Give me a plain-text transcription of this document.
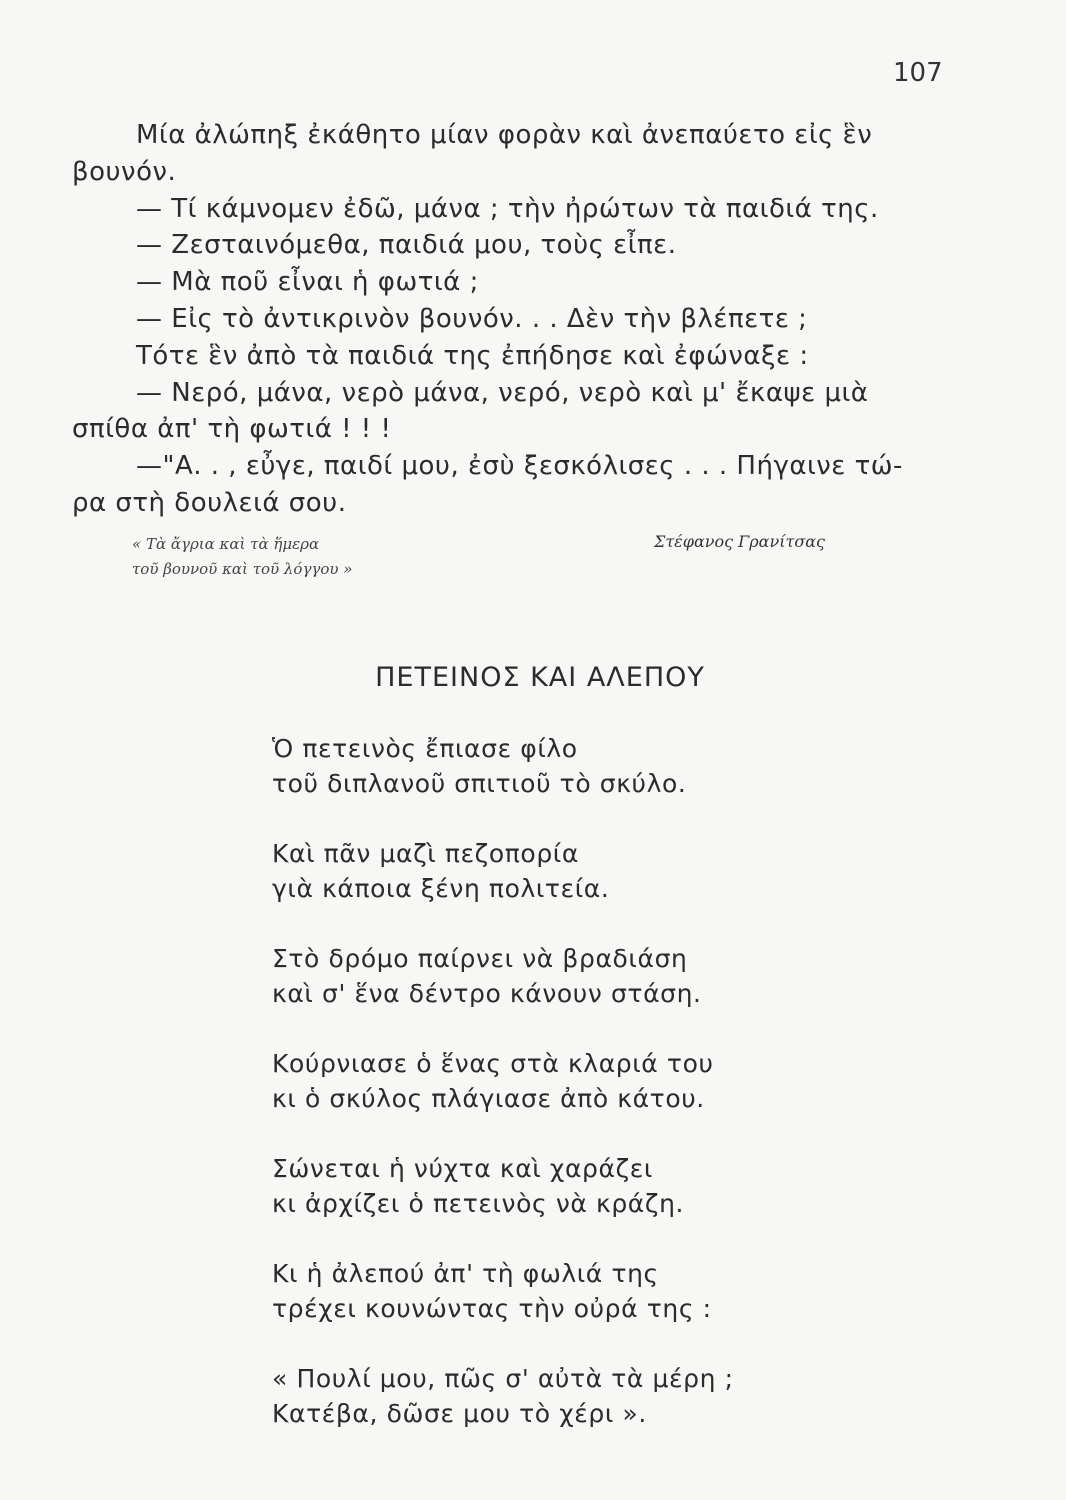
107

Μία ἀλώπηξ ἐκάθητο μίαν φορὰν καὶ ἀνεπαύετο εἰς ἓν

βουνόν.

— Τί κάμνομεν ἐδῶ, μάνα ; τὴν ἠρώτων τὰ παιδιά της.

— Ζεσταινόμεθα, παιδιά μου, τοὺς εἶπε.

— Μὰ ποῦ εἶναι ἡ φωτιά ;

— Εἰς τὸ ἀντικρινὸν βουνόν. . . Δὲν τὴν βλέπετε ;

Τότε ἓν ἀπὸ τὰ παιδιά της ἐπήδησε καὶ ἐφώναξε :

— Νερό, μάνα, νερὸ μάνα, νερό, νερὸ καὶ μ' ἔκαψε μιὰ

σπίθα ἀπ' τὴ φωτιά ! ! !

—"Α. . , εὖγε, παιδί μου, ἐσὺ ξεσκόλισες . . . Πήγαινε τώ-

ρα στὴ δουλειά σου.

« Τὰ ἄγρια καὶ τὰ ἥμερα
τοῦ βουνοῦ καὶ τοῦ λόγγου »
Στέφανος Γρανίτσας
ΠΕΤΕΙΝΟΣ ΚΑΙ ΑΛΕΠΟΥ

Ὁ πετεινὸς ἔπιασε φίλο

τοῦ διπλανοῦ σπιτιοῦ τὸ σκύλο.

Καὶ πᾶν μαζὶ πεζοπορία

γιὰ κάποια ξένη πολιτεία.

Στὸ δρόμο παίρνει νὰ βραδιάση

καὶ σ' ἕνα δέντρο κάνουν στάση.

Κούρνιασε ὁ ἕνας στὰ κλαριά του

κι ὁ σκύλος πλάγιασε ἀπὸ κάτου.

Σώνεται ἡ νύχτα καὶ χαράζει

κι ἀρχίζει ὁ πετεινὸς νὰ κράζη.

Κι ἡ ἀλεπού ἀπ' τὴ φωλιά της

τρέχει κουνώντας τὴν οὐρά της :

« Πουλί μου, πῶς σ' αὐτὰ τὰ μέρη ;

Κατέβα, δῶσε μου τὸ χέρι ».
